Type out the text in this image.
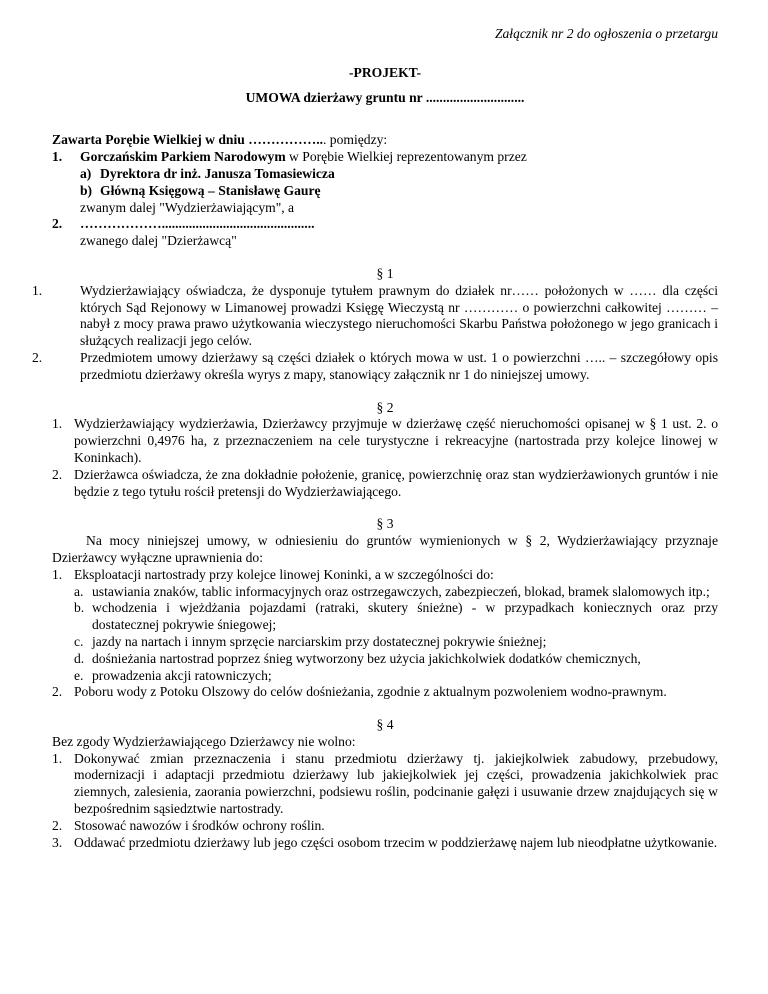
Załącznik nr 2 do ogłoszenia o przetargu
-PROJEKT-
UMOWA dzierżawy gruntu nr .............................
Zawarta Porębie Wielkiej w dniu ……………... pomiędzy:
1.	Gorczańskim Parkiem Narodowym w Porębie Wielkiej reprezentowanym przez
a) Dyrektora dr inż. Janusza Tomasiewicza
b) Główną Księgową – Stanisławę Gaurę
zwanym dalej "Wydzierżawiającym", a
2.	……………….............................................
zwanego dalej "Dzierżawcą"
§ 1
1.	Wydzierżawiający oświadcza, że dysponuje tytułem prawnym do działek nr…… położonych w …… dla części których Sąd Rejonowy w Limanowej prowadzi Księgę Wieczystą nr ………… o powierzchni całkowitej ……… – nabył z mocy prawa prawo użytkowania wieczystego nieruchomości Skarbu Państwa położonego w jego granicach i służących realizacji jego celów.
2.	Przedmiotem umowy dzierżawy są części działek o których mowa w ust. 1 o powierzchni ….. – szczegółowy opis przedmiotu dzierżawy określa wyrys z mapy, stanowiący załącznik nr 1 do niniejszej umowy.
§ 2
1. Wydzierżawiający wydzierżawia, Dzierżawcy przyjmuje w dzierżawę część nieruchomości opisanej w § 1 ust. 2. o powierzchni 0,4976 ha, z przeznaczeniem na cele turystyczne i rekreacyjne (nartostrada przy kolejce linowej w Koninkach).
2. Dzierżawca oświadcza, że zna dokładnie położenie, granicę, powierzchnię oraz stan wydzierżawionych gruntów i nie będzie z tego tytułu rościł pretensji do Wydzierżawiającego.
§ 3
Na mocy niniejszej umowy, w odniesieniu do gruntów wymienionych w § 2, Wydzierżawiający przyznaje Dzierżawcy wyłączne uprawnienia do:
1. Eksploatacji nartostrady przy kolejce linowej Koninki, a w szczególności do:
a. ustawiania znaków, tablic informacyjnych oraz ostrzegawczych, zabezpieczeń, blokad, bramek slalomowych itp.;
b. wchodzenia i wjeżdżania pojazdami (ratraki, skutery śnieżne) - w przypadkach koniecznych oraz przy dostatecznej pokrywie śniegowej;
c. jazdy na nartach i innym sprzęcie narciarskim przy dostatecznej pokrywie śnieżnej;
d. dośnieżania nartostrad poprzez śnieg wytworzony bez użycia jakichkolwiek dodatków chemicznych,
e. prowadzenia akcji ratowniczych;
2. Poboru wody z Potoku Olszowy do celów dośnieżania, zgodnie z aktualnym pozwoleniem wodno-prawnym.
§ 4
Bez zgody Wydzierżawiającego Dzierżawcy nie wolno:
1. Dokonywać zmian przeznaczenia i stanu przedmiotu dzierżawy tj. jakiejkolwiek zabudowy, przebudowy, modernizacji i adaptacji przedmiotu dzierżawy lub jakiejkolwiek jej części, prowadzenia jakichkolwiek prac ziemnych, zalesienia, zaorania powierzchni, podsiewu roślin, podcinanie gałęzi i usuwanie drzew znajdujących się w bezpośrednim sąsiedztwie nartostrady.
2. Stosować nawozów i środków ochrony roślin.
3. Oddawać przedmiotu dzierżawy lub jego części osobom trzecim w poddzierżawę najem lub nieodpłatne użytkowanie.
